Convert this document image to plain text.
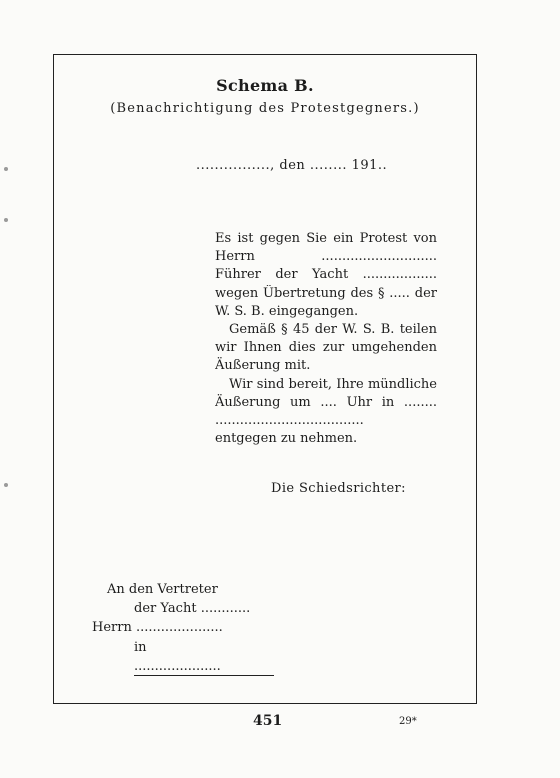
Schema B.
(Benachrichtigung des Protestgegners.)
................, den ........ 191..
Es ist gegen Sie ein Protest von
Herrn ............................
Führer der Yacht ..................
wegen Übertretung des § ..... der
W. S. B. eingegangen.
Gemäß § 45 der W. S. B. teilen
wir Ihnen dies zur umgehenden
Äußerung mit.
Wir sind bereit, Ihre mündliche
Äußerung um .... Uhr in ........
....................................
entgegen zu nehmen.
Die Schiedsrichter:
An den Vertreter
der Yacht ............
Herrn .....................
in
.....................
451	29*
